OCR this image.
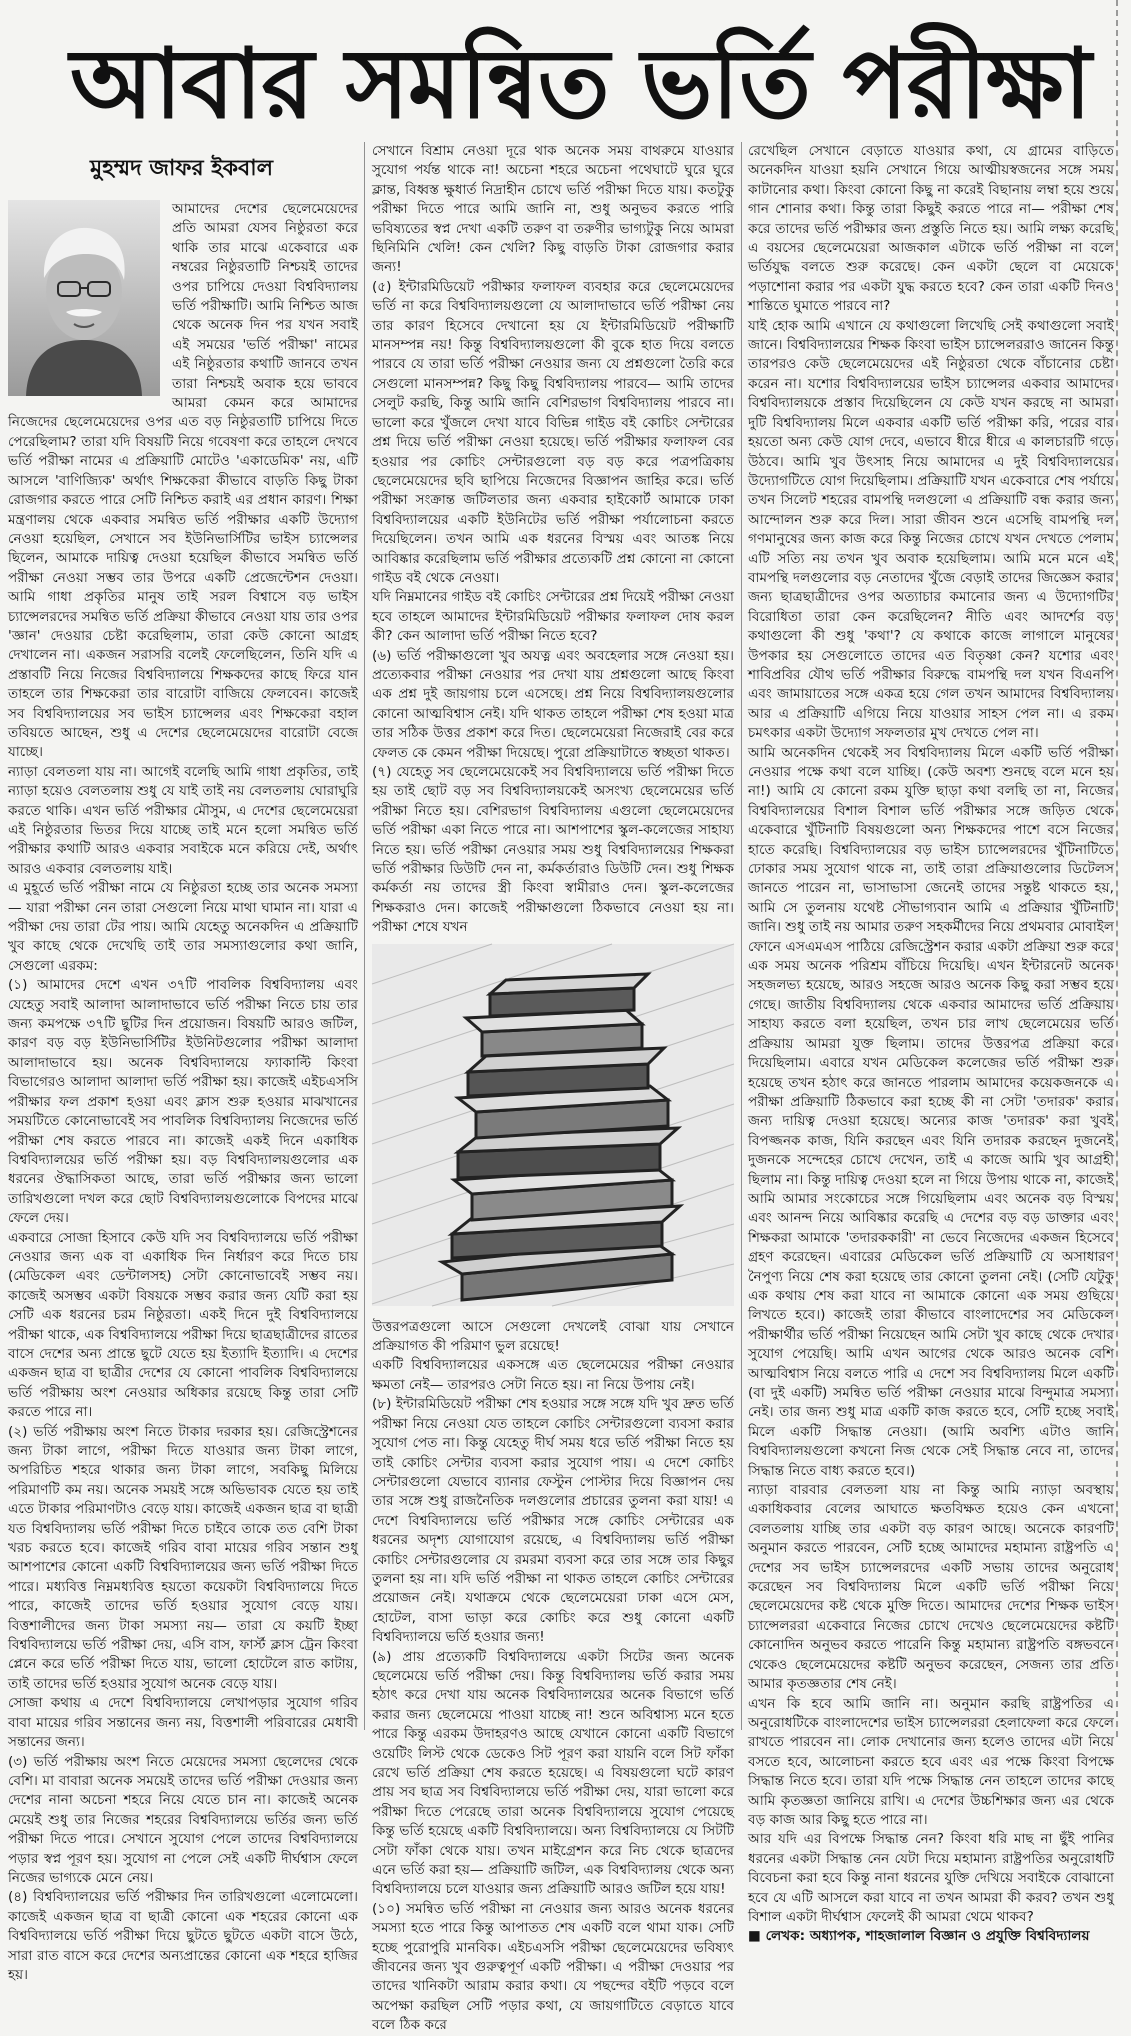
আবার সমন্বিত ভর্তি পরীক্ষা
মুহম্মদ জাফর ইকবাল

আমাদের দেশের ছেলেমেয়েদের প্রতি আমরা যেসব নিষ্ঠুরতা করে থাকি তার মাঝে একেবারে এক নম্বরের নিষ্ঠুরতাটি নিশ্চয়ই তাদের ওপর চাপিয়ে দেওয়া বিশ্ববিদ্যালয় ভর্তি পরীক্ষাটি। আমি নিশ্চিত আজ থেকে অনেক দিন পর যখন সবাই এই সময়ের 'ভর্তি পরীক্ষা' নামের এই নিষ্ঠুরতার কথাটি জানবে তখন তারা নিশ্চয়ই অবাক হয়ে ভাববে আমরা কেমন করে আমাদের নিজেদের ছেলেমেয়েদের ওপর এত বড় নিষ্ঠুরতাটি চাপিয়ে দিতে পেরেছিলাম? তারা যদি বিষয়টি নিয়ে গবেষণা করে তাহলে দেখবে ভর্তি পরীক্ষা নামের এ প্রক্রিয়াটি মোটেও 'একাডেমিক' নয়, এটি আসলে 'বাণিজ্যিক' অর্থাৎ শিক্ষকেরা কীভাবে বাড়তি কিছু টাকা রোজগার করতে পারে সেটি নিশ্চিত করাই এর প্রধান কারণ। শিক্ষা মন্ত্রণালয় থেকে একবার সমন্বিত ভর্তি পরীক্ষার একটি উদ্যোগ নেওয়া হয়েছিল, সেখানে সব ইউনিভার্সিটির ভাইস চ্যান্সেলর ছিলেন, আমাকে দায়িত্ব দেওয়া হয়েছিল কীভাবে সমন্বিত ভর্তি পরীক্ষা নেওয়া সম্ভব তার উপরে একটি প্রেজেন্টেশন দেওয়া। আমি গাধা প্রকৃতির মানুষ তাই সরল বিশ্বাসে বড় ভাইস চ্যান্সেলরদের সমন্বিত ভর্তি প্রক্রিয়া কীভাবে নেওয়া যায় তার ওপর 'জ্ঞান' দেওয়ার চেষ্টা করেছিলাম, তারা কেউ কোনো আগ্রহ দেখালেন না। একজন সরাসরি বলেই ফেলেছিলেন, তিনি যদি এ প্রস্তাবটি নিয়ে নিজের বিশ্ববিদ্যালয়ে শিক্ষকদের কাছে ফিরে যান তাহলে তার শিক্ষকেরা তার বারোটা বাজিয়ে ফেলবেন। কাজেই সব বিশ্ববিদ্যালয়ের সব ভাইস চ্যান্সেলর এবং শিক্ষকেরা বহাল তবিয়তে আছেন, শুধু এ দেশের ছেলেমেয়েদের বারোটা বেজে যাচ্ছে।

ন্যাড়া বেলতলা যায় না। আগেই বলেছি আমি গাধা প্রকৃতির, তাই ন্যাড়া হয়েও বেলতলায় শুধু যে যাই তাই নয় বেলতলায় ঘোরাঘুরি করতে থাকি। এখন ভর্তি পরীক্ষার মৌসুম, এ দেশের ছেলেমেয়েরা এই নিষ্ঠুরতার ভিতর দিয়ে যাচ্ছে তাই মনে হলো সমন্বিত ভর্তি পরীক্ষার কথাটি আরও একবার সবাইকে মনে করিয়ে দেই, অর্থাৎ আরও একবার বেলতলায় যাই।

এ মুহূর্তে ভর্তি পরীক্ষা নামে যে নিষ্ঠুরতা হচ্ছে তার অনেক সমস্যা— যারা পরীক্ষা নেন তারা সেগুলো নিয়ে মাথা ঘামান না। যারা এ পরীক্ষা দেয় তারা টের পায়। আমি যেহেতু অনেকদিন এ প্রক্রিয়াটি খুব কাছে থেকে দেখেছি তাই তার সমস্যাগুলোর কথা জানি, সেগুলো এরকম:

(১) আমাদের দেশে এখন ৩৭টি পাবলিক বিশ্ববিদ্যালয় এবং যেহেতু সবাই আলাদা আলাদাভাবে ভর্তি পরীক্ষা নিতে চায় তার জন্য কমপক্ষে ৩৭টি ছুটির দিন প্রয়োজন। বিষয়টি আরও জটিল, কারণ বড় বড় ইউনিভার্সিটির ইউনিটগুলোর পরীক্ষা আলাদা আলাদাভাবে হয়। অনেক বিশ্ববিদ্যালয়ে ফ্যাকাল্টি কিংবা বিভাগেরও আলাদা আলাদা ভর্তি পরীক্ষা হয়। কাজেই এইচএসসি পরীক্ষার ফল প্রকাশ হওয়া এবং ক্লাস শুরু হওয়ার মাঝখানের সময়টিতে কোনোভাবেই সব পাবলিক বিশ্ববিদ্যালয় নিজেদের ভর্তি পরীক্ষা শেষ করতে পারবে না। কাজেই একই দিনে একাধিক বিশ্ববিদ্যালয়ের ভর্তি পরীক্ষা হয়। বড় বিশ্ববিদ্যালয়গুলোর এক ধরনের ঔদ্ধাসিকতা আছে, তারা ভর্তি পরীক্ষার জন্য ভালো তারিখগুলো দখল করে ছোট বিশ্ববিদ্যালয়গুলোকে বিপদের মাঝে ফেলে দেয়।

একবারে সোজা হিসাবে কেউ যদি সব বিশ্ববিদ্যালয়ে ভর্তি পরীক্ষা নেওয়ার জন্য এক বা একাধিক দিন নির্ধারণ করে দিতে চায় (মেডিকেল এবং ডেন্টালসহ) সেটা কোনোভাবেই সম্ভব নয়। কাজেই অসম্ভব একটা বিষয়কে সম্ভব করার জন্য যেটি করা হয় সেটি এক ধরনের চরম নিষ্ঠুরতা। একই দিনে দুই বিশ্ববিদ্যালয়ে পরীক্ষা থাকে, এক বিশ্ববিদ্যালয়ে পরীক্ষা দিয়ে ছাত্রছাত্রীদের রাতের বাসে দেশের অন্য প্রান্তে ছুটে যেতে হয় ইত্যাদি ইত্যাদি। এ দেশের একজন ছাত্র বা ছাত্রীর দেশের যে কোনো পাবলিক বিশ্ববিদ্যালয়ে ভর্তি পরীক্ষায় অংশ নেওয়ার অধিকার রয়েছে কিন্তু তারা সেটি করতে পারে না।

(২) ভর্তি পরীক্ষায় অংশ নিতে টাকার দরকার হয়। রেজিস্ট্রেশনের জন্য টাকা লাগে, পরীক্ষা দিতে যাওয়ার জন্য টাকা লাগে, অপরিচিত শহরে থাকার জন্য টাকা লাগে, সবকিছু মিলিয়ে পরিমাণটি কম নয়। অনেক সময়ই সঙ্গে অভিভাবক যেতে হয় তাই এতে টাকার পরিমাণটাও বেড়ে যায়। কাজেই একজন ছাত্র বা ছাত্রী যত বিশ্ববিদ্যালয় ভর্তি পরীক্ষা দিতে চাইবে তাকে তত বেশি টাকা খরচ করতে হবে। কাজেই গরিব বাবা মায়ের গরিব সন্তান শুধু আশপাশের কোনো একটি বিশ্ববিদ্যালয়ের জন্য ভর্তি পরীক্ষা দিতে পারে। মধ্যবিত্ত নিম্নমধ্যবিত্ত হয়তো কয়েকটা বিশ্ববিদ্যালয়ে দিতে পারে, কাজেই তাদের ভর্তি হওয়ার সুযোগ বেড়ে যায়। বিত্তশালীদের জন্য টাকা সমস্যা নয়— তারা যে কয়টি ইচ্ছা বিশ্ববিদ্যালয়ে ভর্তি পরীক্ষা দেয়, এসি বাস, ফার্স্ট ক্লাস ট্রেন কিংবা প্লেনে করে ভর্তি পরীক্ষা দিতে যায়, ভালো হোটেলে রাত কাটায়, তাই তাদের ভর্তি হওয়ার সুযোগ অনেক বেড়ে যায়।

সোজা কথায় এ দেশে বিশ্ববিদ্যালয়ে লেখাপড়ার সুযোগ গরিব বাবা মায়ের গরিব সন্তানের জন্য নয়, বিত্তশালী পরিবারের মেধাবী সন্তানের জন্য।

(৩) ভর্তি পরীক্ষায় অংশ নিতে মেয়েদের সমস্যা ছেলেদের থেকে বেশি। মা বাবারা অনেক সময়েই তাদের ভর্তি পরীক্ষা দেওয়ার জন্য দেশের নানা অচেনা শহরে নিয়ে যেতে চান না। কাজেই অনেক মেয়েই শুধু তার নিজের শহরের বিশ্ববিদ্যালয়ে ভর্তির জন্য ভর্তি পরীক্ষা দিতে পারে। সেখানে সুযোগ পেলে তাদের বিশ্ববিদ্যালয়ে পড়ার স্বপ্ন পূরণ হয়। সুযোগ না পেলে সেই একটি দীর্ঘশ্বাস ফেলে নিজের ভাগ্যকে মেনে নেয়।

(৪) বিশ্ববিদ্যালয়ের ভর্তি পরীক্ষার দিন তারিখগুলো এলোমেলো। কাজেই একজন ছাত্র বা ছাত্রী কোনো এক শহরের কোনো এক বিশ্ববিদ্যালয়ে ভর্তি পরীক্ষা দিয়ে ছুটতে ছুটতে একটা বাসে উঠে, সারা রাত বাসে করে দেশের অন্যপ্রান্তের কোনো এক শহরে হাজির হয়।

সেখানে বিশ্রাম নেওয়া দূরে থাক অনেক সময় বাথরুমে যাওয়ার সুযোগ পর্যন্ত থাকে না! অচেনা শহরে অচেনা পথেঘাটে ঘুরে ঘুরে ক্লান্ত, বিধ্বস্ত ক্ষুধার্ত নিদ্রাহীন চোখে ভর্তি পরীক্ষা দিতে যায়। কতটুকু পরীক্ষা দিতে পারে আমি জানি না, শুধু অনুভব করতে পারি ভবিষ্যতের স্বপ্ন দেখা একটি তরুণ বা তরুণীর ভাগ্যটুকু নিয়ে আমরা ছিনিমিনি খেলি! কেন খেলি? কিছু বাড়তি টাকা রোজগার করার জন্য!

(৫) ইন্টারমিডিয়েট পরীক্ষার ফলাফল ব্যবহার করে ছেলেমেয়েদের ভর্তি না করে বিশ্ববিদ্যালয়গুলো যে আলাদাভাবে ভর্তি পরীক্ষা নেয় তার কারণ হিসেবে দেখানো হয় যে ইন্টারমিডিয়েট পরীক্ষাটি মানসম্পন্ন নয়! কিন্তু বিশ্ববিদ্যালয়গুলো কী বুকে হাত দিয়ে বলতে পারবে যে তারা ভর্তি পরীক্ষা নেওয়ার জন্য যে প্রশ্নগুলো তৈরি করে সেগুলো মানসম্পন্ন? কিছু কিছু বিশ্ববিদ্যালয় পারবে— আমি তাদের সেলুট করছি, কিন্তু আমি জানি বেশিরভাগ বিশ্ববিদ্যালয় পারবে না। ভালো করে খুঁজলে দেখা যাবে বিভিন্ন গাইড বই কোচিং সেন্টারের প্রশ্ন দিয়ে ভর্তি পরীক্ষা নেওয়া হয়েছে। ভর্তি পরীক্ষার ফলাফল বের হওয়ার পর কোচিং সেন্টারগুলো বড় বড় করে পত্রপত্রিকায় ছেলেমেয়েদের ছবি ছাপিয়ে নিজেদের বিজ্ঞাপন জাহির করে। ভর্তি পরীক্ষা সংক্রান্ত জটিলতার জন্য একবার হাইকোর্ট আমাকে ঢাকা বিশ্ববিদ্যালয়ের একটি ইউনিটের ভর্তি পরীক্ষা পর্যালোচনা করতে দিয়েছিলেন। তখন আমি এক ধরনের বিস্ময় এবং আতঙ্ক নিয়ে আবিষ্কার করেছিলাম ভর্তি পরীক্ষার প্রত্যেকটি প্রশ্ন কোনো না কোনো গাইড বই থেকে নেওয়া।

যদি নিম্নমানের গাইড বই কোচিং সেন্টারের প্রশ্ন দিয়েই পরীক্ষা নেওয়া হবে তাহলে আমাদের ইন্টারমিডিয়েট পরীক্ষার ফলাফল দোষ করল কী? কেন আলাদা ভর্তি পরীক্ষা নিতে হবে?

(৬) ভর্তি পরীক্ষাগুলো খুব অযত্ন এবং অবহেলার সঙ্গে নেওয়া হয়। প্রত্যেকবার পরীক্ষা নেওয়ার পর দেখা যায় প্রশ্নগুলো আছে কিংবা এক প্রশ্ন দুই জায়গায় চলে এসেছে। প্রশ্ন নিয়ে বিশ্ববিদ্যালয়গুলোর কোনো আত্মবিশ্বাস নেই। যদি থাকত তাহলে পরীক্ষা শেষ হওয়া মাত্র তার সঠিক উত্তর প্রকাশ করে দিত। ছেলেমেয়েরা নিজেরাই বের করে ফেলত কে কেমন পরীক্ষা দিয়েছে। পুরো প্রক্রিয়াটাতে স্বচ্ছতা থাকত।

(৭) যেহেতু সব ছেলেমেয়েকেই সব বিশ্ববিদ্যালয়ে ভর্তি পরীক্ষা দিতে হয় তাই ছোট বড় সব বিশ্ববিদ্যালয়কেই অসংখ্য ছেলেমেয়ের ভর্তি পরীক্ষা নিতে হয়। বেশিরভাগ বিশ্ববিদ্যালয় এগুলো ছেলেমেয়েদের ভর্তি পরীক্ষা একা নিতে পারে না। আশপাশের স্কুল-কলেজের সাহায্য নিতে হয়। ভর্তি পরীক্ষা নেওয়ার সময় শুধু বিশ্ববিদ্যালয়ের শিক্ষকরা ভর্তি পরীক্ষার ডিউটি দেন না, কর্মকর্তারাও ডিউটি দেন। শুধু শিক্ষক কর্মকর্তা নয় তাদের স্ত্রী কিংবা স্বামীরাও দেন। স্কুল-কলেজের শিক্ষকরাও দেন। কাজেই পরীক্ষাগুলো ঠিকভাবে নেওয়া হয় না। পরীক্ষা শেষে যখন

উত্তরপত্রগুলো আসে সেগুলো দেখলেই বোঝা যায় সেখানে প্রক্রিয়াগত কী পরিমাণ ভুল রয়েছে!

একটি বিশ্ববিদ্যালয়ের একসঙ্গে এত ছেলেমেয়ের পরীক্ষা নেওয়ার ক্ষমতা নেই— তারপরও সেটা নিতে হয়। না নিয়ে উপায় নেই।

(৮) ইন্টারমিডিয়েট পরীক্ষা শেষ হওয়ার সঙ্গে সঙ্গে যদি খুব দ্রুত ভর্তি পরীক্ষা নিয়ে নেওয়া যেত তাহলে কোচিং সেন্টারগুলো ব্যবসা করার সুযোগ পেত না। কিন্তু যেহেতু দীর্ঘ সময় ধরে ভর্তি পরীক্ষা নিতে হয় তাই কোচিং সেন্টার ব্যবসা করার সুযোগ পায়। এ দেশে কোচিং সেন্টারগুলো যেভাবে ব্যানার ফেস্টুন পোস্টার দিয়ে বিজ্ঞাপন দেয় তার সঙ্গে শুধু রাজনৈতিক দলগুলোর প্রচারের তুলনা করা যায়! এ দেশে বিশ্ববিদ্যালয়ে ভর্তি পরীক্ষার সঙ্গে কোচিং সেন্টারের এক ধরনের অদৃশ্য যোগাযোগ রয়েছে, এ বিশ্ববিদ্যালয় ভর্তি পরীক্ষা কোচিং সেন্টারগুলোর যে রমরমা ব্যবসা করে তার সঙ্গে তার কিছুর তুলনা হয় না। যদি ভর্তি পরীক্ষা না থাকত তাহলে কোচিং সেন্টারের প্রয়োজন নেই। যথাক্রমে থেকে ছেলেমেয়েরা ঢাকা এসে মেস, হোটেল, বাসা ভাড়া করে কোচিং করে শুধু কোনো একটি বিশ্ববিদ্যালয়ে ভর্তি হওয়ার জন্য!

(৯) প্রায় প্রত্যেকটি বিশ্ববিদ্যালয়ে একটা সিটের জন্য অনেক ছেলেমেয়ে ভর্তি পরীক্ষা দেয়। কিন্তু বিশ্ববিদ্যালয় ভর্তি করার সময় হঠাৎ করে দেখা যায় অনেক বিশ্ববিদ্যালয়ের অনেক বিভাগে ভর্তি করার জন্য ছেলেমেয়ে পাওয়া যাচ্ছে না! শুনে অবিশ্বাস্য মনে হতে পারে কিন্তু এরকম উদাহরণও আছে যেখানে কোনো একটি বিভাগে ওয়েটিং লিস্ট থেকে ডেকেও সিট পূরণ করা যায়নি বলে সিট ফাঁকা রেখে ভর্তি প্রক্রিয়া শেষ করতে হয়েছে। এ বিষয়গুলো ঘটে কারণ প্রায় সব ছাত্র সব বিশ্ববিদ্যালয়ে ভর্তি পরীক্ষা দেয়, যারা ভালো করে পরীক্ষা দিতে পেরেছে তারা অনেক বিশ্ববিদ্যালয়ে সুযোগ পেয়েছে কিন্তু ভর্তি হয়েছে একটি বিশ্ববিদ্যালয়ে। অন্য বিশ্ববিদ্যালয়ে যে সিটটি সেটা ফাঁকা থেকে যায়। তখন মাইগ্রেশন করে নিচ থেকে ছাত্রদের এনে ভর্তি করা হয়— প্রক্রিয়াটি জটিল, এক বিশ্ববিদ্যালয় থেকে অন্য বিশ্ববিদ্যালয়ে চলে যাওয়ার জন্য প্রক্রিয়াটি আরও জটিল হয়ে যায়!

(১০) সমন্বিত ভর্তি পরীক্ষা না নেওয়ার জন্য আরও অনেক ধরনের সমস্যা হতে পারে কিন্তু আপাতত শেষ একটি বলে থামা যাক। সেটি হচ্ছে পুরোপুরি মানবিক। এইচএসসি পরীক্ষা ছেলেমেয়েদের ভবিষ্যৎ জীবনের জন্য খুব গুরুত্বপূর্ণ একটি পরীক্ষা। এ পরীক্ষা দেওয়ার পর তাদের খানিকটা আরাম করার কথা। যে পছন্দের বইটি পড়বে বলে অপেক্ষা করছিল সেটি পড়ার কথা, যে জায়গাটিতে বেড়াতে যাবে বলে ঠিক করে

রেখেছিল সেখানে বেড়াতে যাওয়ার কথা, যে গ্রামের বাড়িতে অনেকদিন যাওয়া হয়নি সেখানে গিয়ে আত্মীয়স্বজনের সঙ্গে সময় কাটানোর কথা। কিংবা কোনো কিছু না করেই বিছানায় লম্বা হয়ে শুয়ে গান শোনার কথা। কিন্তু তারা কিছুই করতে পারে না— পরীক্ষা শেষ করে তাদের ভর্তি পরীক্ষার জন্য প্রস্তুতি নিতে হয়। আমি লক্ষ্য করেছি এ বয়সের ছেলেমেয়েরা আজকাল এটাকে ভর্তি পরীক্ষা না বলে ভর্তিযুদ্ধ বলতে শুরু করেছে। কেন একটা ছেলে বা মেয়েকে পড়াশোনা করার পর একটা যুদ্ধ করতে হবে? কেন তারা একটি দিনও শান্তিতে ঘুমাতে পারবে না?

যাই হোক আমি এখানে যে কথাগুলো লিখেছি সেই কথাগুলো সবাই জানে। বিশ্ববিদ্যালয়ের শিক্ষক কিংবা ভাইস চ্যান্সেলররাও জানেন কিন্তু তারপরও কেউ ছেলেমেয়েদের এই নিষ্ঠুরতা থেকে বাঁচানোর চেষ্টা করেন না। যশোর বিশ্ববিদ্যালয়ের ভাইস চ্যান্সেলর একবার আমাদের বিশ্ববিদ্যালয়কে প্রস্তাব দিয়েছিলেন যে কেউ যখন করছে না আমরা দুটি বিশ্ববিদ্যালয় মিলে একবার একটি ভর্তি পরীক্ষা করি, পরের বার হয়তো অন্য কেউ যোগ দেবে, এভাবে ধীরে ধীরে এ কালচারটি গড়ে উঠবে। আমি খুব উৎসাহ নিয়ে আমাদের এ দুই বিশ্ববিদ্যালয়ের উদ্যোগটিতে যোগ দিয়েছিলাম। প্রক্রিয়াটি যখন একেবারে শেষ পর্যায়ে তখন সিলেট শহরের বামপন্থি দলগুলো এ প্রক্রিয়াটি বন্ধ করার জন্য আন্দোলন শুরু করে দিল। সারা জীবন শুনে এসেছি বামপন্থি দল গণমানুষের জন্য কাজ করে কিন্তু নিজের চোখে যখন দেখতে পেলাম এটি সত্যি নয় তখন খুব অবাক হয়েছিলাম। আমি মনে মনে এই বামপন্থি দলগুলোর বড় নেতাদের খুঁজে বেড়াই তাদের জিজ্ঞেস করার জন্য ছাত্রছাত্রীদের ওপর অত্যাচার কমানোর জন্য এ উদ্যোগটির বিরোধিতা তারা কেন করেছিলেন? নীতি এবং আদর্শের বড় কথাগুলো কী শুধু 'কথা'? যে কথাকে কাজে লাগালে মানুষের উপকার হয় সেগুলোতে তাদের এত বিতৃষ্ণা কেন? যশোর এবং শাবিপ্রবির যৌথ ভর্তি পরীক্ষার বিরুদ্ধে বামপন্থি দল যখন বিএনপি এবং জামায়াতের সঙ্গে একত্র হয়ে গেল তখন আমাদের বিশ্ববিদ্যালয় আর এ প্রক্রিয়াটি এগিয়ে নিয়ে যাওয়ার সাহস পেল না। এ রকম চমৎকার একটা উদ্যোগ সফলতার মুখ দেখতে পেল না।

আমি অনেকদিন থেকেই সব বিশ্ববিদ্যালয় মিলে একটি ভর্তি পরীক্ষা নেওয়ার পক্ষে কথা বলে যাচ্ছি। (কেউ অবশ্য শুনছে বলে মনে হয় না!) আমি যে কোনো রকম যুক্তি ছাড়া কথা বলছি তা না, নিজের বিশ্ববিদ্যালয়ের বিশাল বিশাল ভর্তি পরীক্ষার সঙ্গে জড়িত থেকে একেবারে খুঁটিনাটি বিষয়গুলো অন্য শিক্ষকদের পাশে বসে নিজের হাতে করেছি। বিশ্ববিদ্যালয়ের বড় ভাইস চ্যান্সেলরদের খুঁটিনাটিতে ঢোকার সময় সুযোগ থাকে না, তাই তারা প্রক্রিয়াগুলোর ডিটেলস জানতে পারেন না, ভাসাভাসা জেনেই তাদের সন্তুষ্ট থাকতে হয়, আমি সে তুলনায় যথেষ্ট সৌভাগ্যবান আমি এ প্রক্রিয়ার খুঁটিনাটি জানি। শুধু তাই নয় আমার তরুণ সহকর্মীদের নিয়ে প্রথমবার মোবাইল ফোনে এসএমএস পাঠিয়ে রেজিস্ট্রেশন করার একটা প্রক্রিয়া শুরু করে এক সময় অনেক পরিশ্রম বাঁচিয়ে দিয়েছি। এখন ইন্টারনেট অনেক সহজলভ্য হয়েছে, আরও সহজে আরও অনেক কিছু করা সম্ভব হয়ে গেছে। জাতীয় বিশ্ববিদ্যালয় থেকে একবার আমাদের ভর্তি প্রক্রিয়ায় সাহায্য করতে বলা হয়েছিল, তখন চার লাখ ছেলেমেয়ের ভর্তি প্রক্রিয়ায় আমরা যুক্ত ছিলাম। তাদের উত্তরপত্র প্রক্রিয়া করে দিয়েছিলাম। এবারে যখন মেডিকেল কলেজের ভর্তি পরীক্ষা শুরু হয়েছে তখন হঠাৎ করে জানতে পারলাম আমাদের কয়েকজনকে এ পরীক্ষা প্রক্রিয়াটি ঠিকভাবে করা হচ্ছে কী না সেটা 'তদারক' করার জন্য দায়িত্ব দেওয়া হয়েছে। অন্যের কাজ 'তদারক' করা খুবই বিপজ্জনক কাজ, যিনি করছেন এবং যিনি তদারক করছেন দুজনেই দুজনকে সন্দেহের চোখে দেখেন, তাই এ কাজে আমি খুব আগ্রহী ছিলাম না। কিন্তু দায়িত্ব দেওয়া হলে না গিয়ে উপায় থাকে না, কাজেই আমি আমার সংকোচের সঙ্গে গিয়েছিলাম এবং অনেক বড় বিস্ময় এবং আনন্দ নিয়ে আবিষ্কার করেছি এ দেশের বড় বড় ডাক্তার এবং শিক্ষকরা আমাকে 'তদারককারী' না ভেবে নিজেদের একজন হিসেবে গ্রহণ করেছেন। এবারের মেডিকেল ভর্তি প্রক্রিয়াটি যে অসাধারণ নৈপুণ্য নিয়ে শেষ করা হয়েছে তার কোনো তুলনা নেই। (সেটি যেটুকু এক কথায় শেষ করা যাবে না আমাকে কোনো এক সময় গুছিয়ে লিখতে হবে।) কাজেই তারা কীভাবে বাংলাদেশের সব মেডিকেল পরীক্ষার্থীর ভর্তি পরীক্ষা নিয়েছেন আমি সেটা খুব কাছে থেকে দেখার সুযোগ পেয়েছি। আমি এখন আগের থেকে আরও অনেক বেশি আত্মবিশ্বাস নিয়ে বলতে পারি এ দেশে সব বিশ্ববিদ্যালয় মিলে একটি (বা দুই একটি) সমন্বিত ভর্তি পরীক্ষা নেওয়ার মাঝে বিন্দুমাত্র সমস্যা নেই। তার জন্য শুধু মাত্র একটি কাজ করতে হবে, সেটি হচ্ছে সবাই মিলে একটি সিদ্ধান্ত নেওয়া। (আমি অবশ্যি এটাও জানি বিশ্ববিদ্যালয়গুলো কখনো নিজ থেকে সেই সিদ্ধান্ত নেবে না, তাদের সিদ্ধান্ত নিতে বাধ্য করতে হবে।)

ন্যাড়া বারবার বেলতলা যায় না কিন্তু আমি ন্যাড়া অবস্থায় একাধিকবার বেলের আঘাতে ক্ষতবিক্ষত হয়েও কেন এখনো বেলতলায় যাচ্ছি তার একটা বড় কারণ আছে। অনেকে কারণটি অনুমান করতে পারবেন, সেটি হচ্ছে আমাদের মহামান্য রাষ্ট্রপতি এ দেশের সব ভাইস চ্যান্সেলরদের একটি সভায় তাদের অনুরোধ করেছেন সব বিশ্ববিদ্যালয় মিলে একটি ভর্তি পরীক্ষা নিয়ে ছেলেমেয়েদের কষ্ট থেকে মুক্তি দিতে। আমাদের দেশের শিক্ষক ভাইস চ্যান্সেলররা একেবারে নিজের চোখে দেখেও ছেলেমেয়েদের কষ্টটি কোনোদিন অনুভব করতে পারেনি কিন্তু মহামান্য রাষ্ট্রপতি বঙ্গভবনে থেকেও ছেলেমেয়েদের কষ্টটি অনুভব করেছেন, সেজন্য তার প্রতি আমার কৃতজ্ঞতার শেষ নেই।

এখন কি হবে আমি জানি না। অনুমান করছি রাষ্ট্রপতির এ অনুরোধটিকে বাংলাদেশের ভাইস চ্যান্সেলররা হেলাফেলা করে ফেলে রাখতে পারবেন না। লোক দেখানোর জন্য হলেও তাদের এটা নিয়ে বসতে হবে, আলোচনা করতে হবে এবং এর পক্ষে কিংবা বিপক্ষে সিদ্ধান্ত নিতে হবে। তারা যদি পক্ষে সিদ্ধান্ত নেন তাহলে তাদের কাছে আমি কৃতজ্ঞতা জানিয়ে রাখি। এ দেশের উচ্চশিক্ষার জন্য এর থেকে বড় কাজ আর কিছু হতে পারে না।

আর যদি এর বিপক্ষে সিদ্ধান্ত নেন? কিংবা ধরি মাছ না ছুঁই পানির ধরনের একটা সিদ্ধান্ত নেন যেটা দিয়ে মহামান্য রাষ্ট্রপতির অনুরোধটি বিবেচনা করা হবে কিন্তু নানা ধরনের যুক্তি দেখিয়ে সবাইকে বোঝানো হবে যে এটি আসলে করা যাবে না তখন আমরা কী করব? তখন শুধু বিশাল একটা দীর্ঘশ্বাস ফেলেই কী আমরা থেমে থাকব?

■ লেখক: অধ্যাপক, শাহজালাল বিজ্ঞান ও প্রযুক্তি বিশ্ববিদ্যালয়
